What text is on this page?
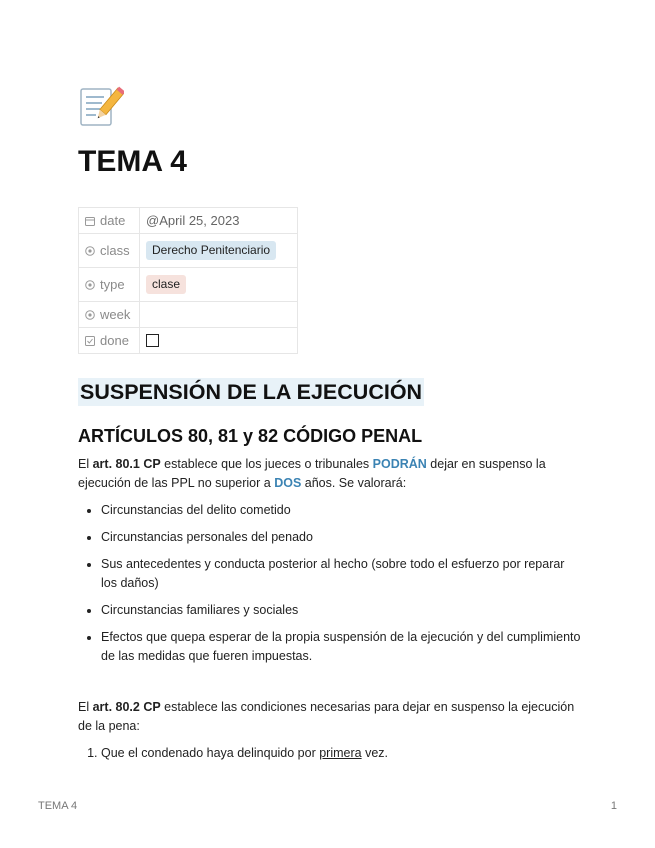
TEMA 4
date	@April 25, 2023
class	Derecho Penitenciario
type	clase
week	
done	
SUSPENSIÓN DE LA EJECUCIÓN
ARTÍCULOS 80, 81 y 82 CÓDIGO PENAL

El art. 80.1 CP establece que los jueces o tribunales PODRÁN dejar en suspenso la ejecución de las PPL no superior a DOS años. Se valorará:

• Circunstancias del delito cometido
• Circunstancias personales del penado
• Sus antecedentes y conducta posterior al hecho (sobre todo el esfuerzo por reparar los daños)
• Circunstancias familiares y sociales
• Efectos que quepa esperar de la propia suspensión de la ejecución y del cumplimiento de las medidas que fueren impuestas.

El art. 80.2 CP establece las condiciones necesarias para dejar en suspenso la ejecución de la pena:

1. Que el condenado haya delinquido por primera vez.
TEMA 4	1
